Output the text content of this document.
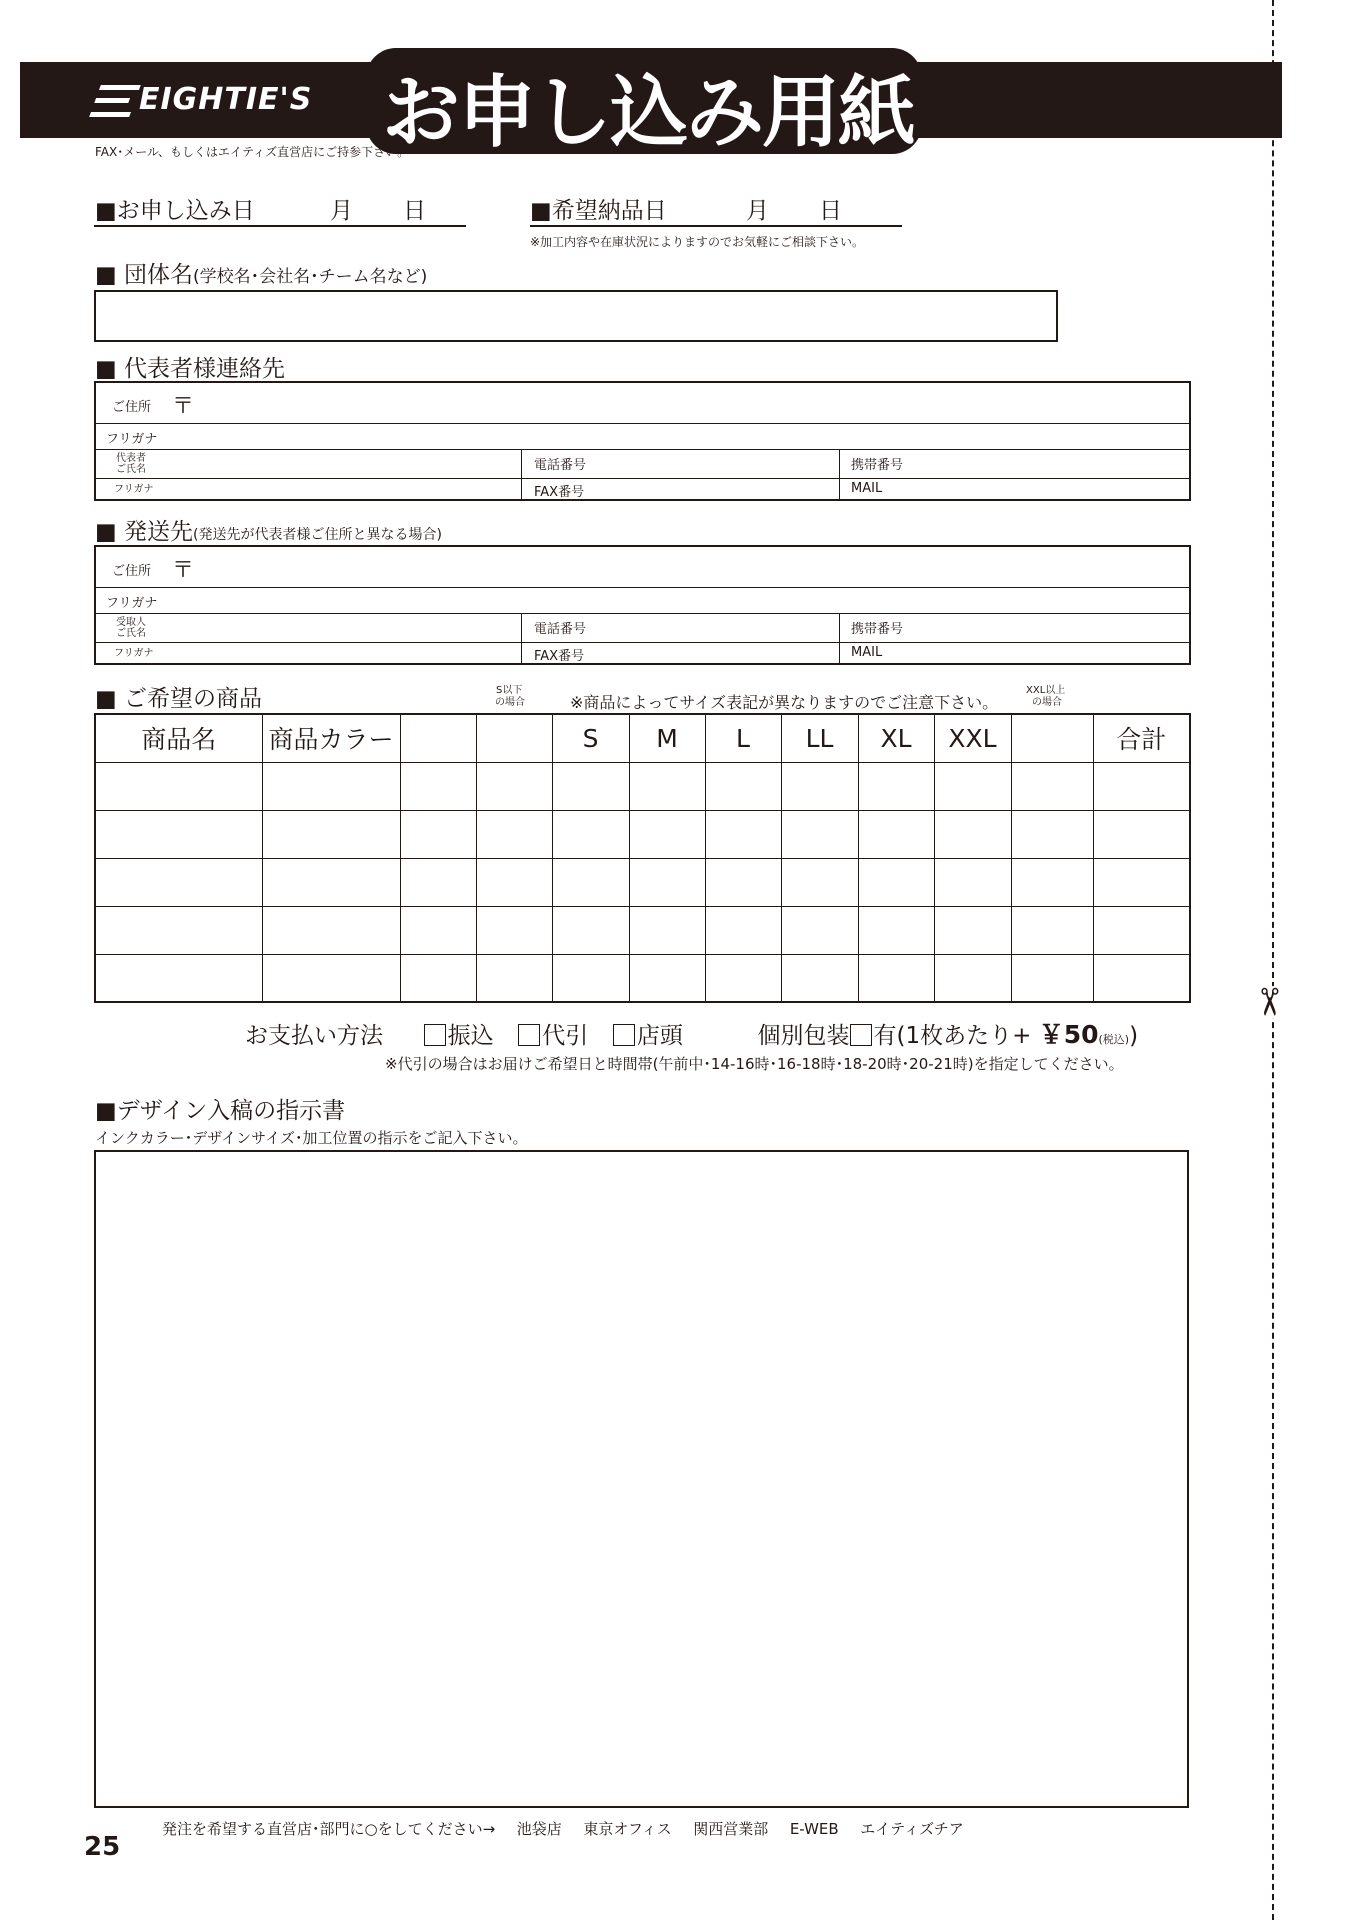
✂
EIGHTIE'S お申し込み用紙
FAX･メール、もしくはエイティズ直営店にご持参下さい。
■お申し込み日	月 日	■希望納品日	月 日
※加工内容や在庫状況によりますのでお気軽にご相談下さい。
■ 団体名(学校名･会社名･チーム名など)
■ 代表者様連絡先
ご住所 〒
フリガナ
代表者
ご氏名
フリガナ
電話番号	携帯番号
FAX番号	MAIL
■ 発送先(発送先が代表者様ご住所と異なる場合)
ご住所 〒
フリガナ
受取人
ご氏名
フリガナ
電話番号	携帯番号
FAX番号	MAIL
■ ご希望の商品	S以下
の場合	※商品によってサイズ表記が異なりますのでご注意下さい。
XXL以上
の場合
商品名	商品カラー			S	M	L	LL	XL	XXL		合計

お支払い方法	振込 代引 店頭	個別包装 有(1枚あたり+ ￥50(税込))
※代引の場合はお届けご希望日と時間帯(午前中･14-16時･16-18時･18-20時･20-21時)を指定してください。
■デザイン入稿の指示書
インクカラー･デザインサイズ･加工位置の指示をご記入下さい。
発注を希望する直営店･部門に○をしてください→ 池袋店 東京オフィス 関西営業部 E-WEB エイティズチア
25
